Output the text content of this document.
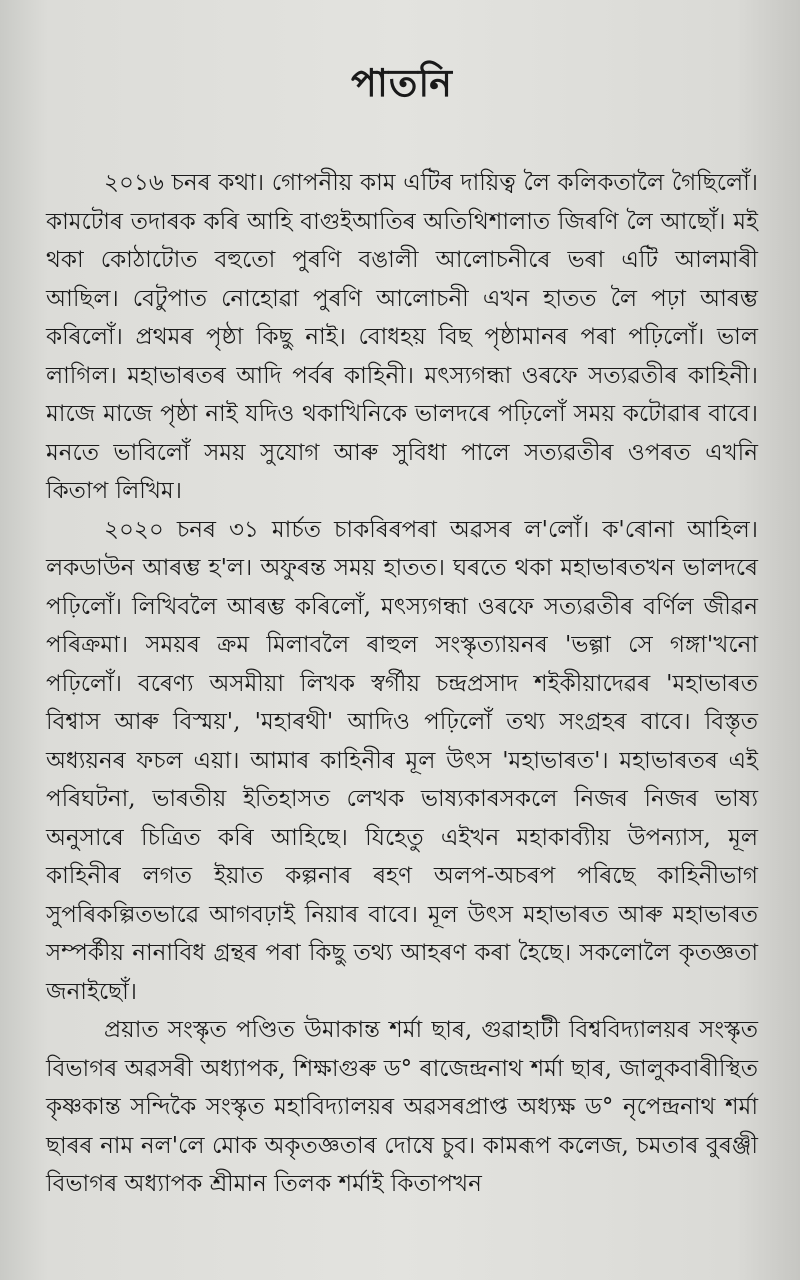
পাতনি

২০১৬ চনৰ কথা। গোপনীয় কাম এটিৰ দায়িত্ব লৈ কলিকতালৈ গৈছিলোঁ। কামটোৰ তদাৰক কৰি আহি বাগুইআতিৰ অতিথিশালাত জিৰণি লৈ আছোঁ। মই থকা কোঠাটোত বহুতো পুৰণি বঙালী আলোচনীৰে ভৰা এটি আলমাৰী আছিল। বেটুপাত নোহোৱা পুৰণি আলোচনী এখন হাতত লৈ পঢ়া আৰম্ভ কৰিলোঁ। প্ৰথমৰ পৃষ্ঠা কিছু নাই। বোধহয় বিছ পৃষ্ঠামানৰ পৰা পঢ়িলোঁ। ভাল লাগিল। মহাভাৰতৰ আদি পৰ্বৰ কাহিনী। মৎস্যগন্ধা ওৰফে সত্যৱতীৰ কাহিনী। মাজে মাজে পৃষ্ঠা নাই যদিও থকাখিনিকে ভালদৰে পঢ়িলোঁ সময় কটোৱাৰ বাবে। মনতে ভাবিলোঁ সময় সুযোগ আৰু সুবিধা পালে সত্যৱতীৰ ওপৰত এখনি কিতাপ লিখিম।

২০২০ চনৰ ৩১ মাৰ্চত চাকৰিৰপৰা অৱসৰ ল'লোঁ। ক'ৰোনা আহিল। লকডাউন আৰম্ভ হ'ল। অফুৰন্ত সময় হাতত। ঘৰতে থকা মহাভাৰতখন ভালদৰে পঢ়িলোঁ। লিখিবলৈ আৰম্ভ কৰিলোঁ, মৎস্যগন্ধা ওৰফে সত্যৱতীৰ বৰ্ণিল জীৱন পৰিক্ৰমা। সময়ৰ ক্ৰম মিলাবলৈ ৰাহুল সংস্কৃত্যায়নৰ 'ভল্গা সে গঙ্গা'খনো পঢ়িলোঁ। বৰেণ্য অসমীয়া লিখক স্বৰ্গীয় চন্দ্ৰপ্ৰসাদ শইকীয়াদেৱৰ 'মহাভাৰত বিশ্বাস আৰু বিস্ময়', 'মহাৰথী' আদিও পঢ়িলোঁ তথ্য সংগ্ৰহৰ বাবে। বিস্তৃত অধ্যয়নৰ ফচল এয়া। আমাৰ কাহিনীৰ মূল উৎস 'মহাভাৰত'। মহাভাৰতৰ এই পৰিঘটনা, ভাৰতীয় ইতিহাসত লেখক ভাষ্যকাৰসকলে নিজৰ নিজৰ ভাষ্য অনুসাৰে চিত্ৰিত কৰি আহিছে। যিহেতু এইখন মহাকাব্যীয় উপন্যাস, মূল কাহিনীৰ লগত ইয়াত কল্পনাৰ ৰহণ অলপ-অচৰপ পৰিছে কাহিনীভাগ সুপৰিকল্পিতভাৱে আগবঢ়াই নিয়াৰ বাবে। মূল উৎস মহাভাৰত আৰু মহাভাৰত সম্পৰ্কীয় নানাবিধ গ্ৰন্থৰ পৰা কিছু তথ্য আহৰণ কৰা হৈছে। সকলোলৈ কৃতজ্ঞতা জনাইছোঁ।

প্ৰয়াত সংস্কৃত পণ্ডিত উমাকান্ত শৰ্মা ছাৰ, গুৱাহাটী বিশ্ববিদ্যালয়ৰ সংস্কৃত বিভাগৰ অৱসৰী অধ্যাপক, শিক্ষাগুৰু ড° ৰাজেন্দ্ৰনাথ শৰ্মা ছাৰ, জালুকবাৰীস্থিত কৃষ্ণকান্ত সন্দিকৈ সংস্কৃত মহাবিদ্যালয়ৰ অৱসৰপ্ৰাপ্ত অধ্যক্ষ ড° নৃপেন্দ্ৰনাথ শৰ্মা ছাৰৰ নাম নল'লে মোক অকৃতজ্ঞতাৰ দোষে চুব। কামৰূপ কলেজ, চমতাৰ বুৰঞ্জী বিভাগৰ অধ্যাপক শ্ৰীমান তিলক শৰ্মাই কিতাপখন
